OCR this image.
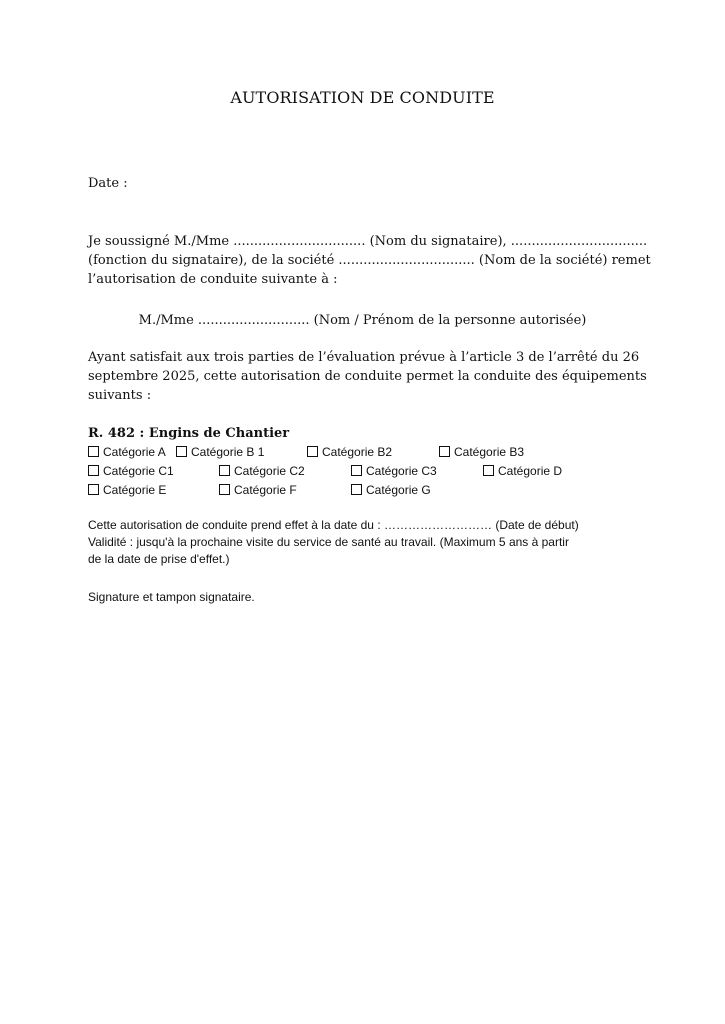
AUTORISATION DE CONDUITE
Date :
Je soussigné M./Mme ................................ (Nom du signataire), .................................
(fonction du signataire), de la société ................................. (Nom de la société) remet
l’autorisation de conduite suivante à :
M./Mme ........................... (Nom / Prénom de la personne autorisée)
Ayant satisfait aux trois parties de l’évaluation prévue à l’article 3 de l’arrêté du 26
septembre 2025, cette autorisation de conduite permet la conduite des équipements
suivants :
R. 482 : Engins de Chantier
Catégorie A	Catégorie B 1	Catégorie B2	Catégorie B3
Catégorie C1	Catégorie C2	Catégorie C3	Catégorie D
Catégorie E	Catégorie F	Catégorie G
Cette autorisation de conduite prend effet à la date du : ……………………… (Date de début)
Validité : jusqu'à la prochaine visite du service de santé au travail. (Maximum 5 ans à partir
de la date de prise d'effet.)
Signature et tampon signataire.
